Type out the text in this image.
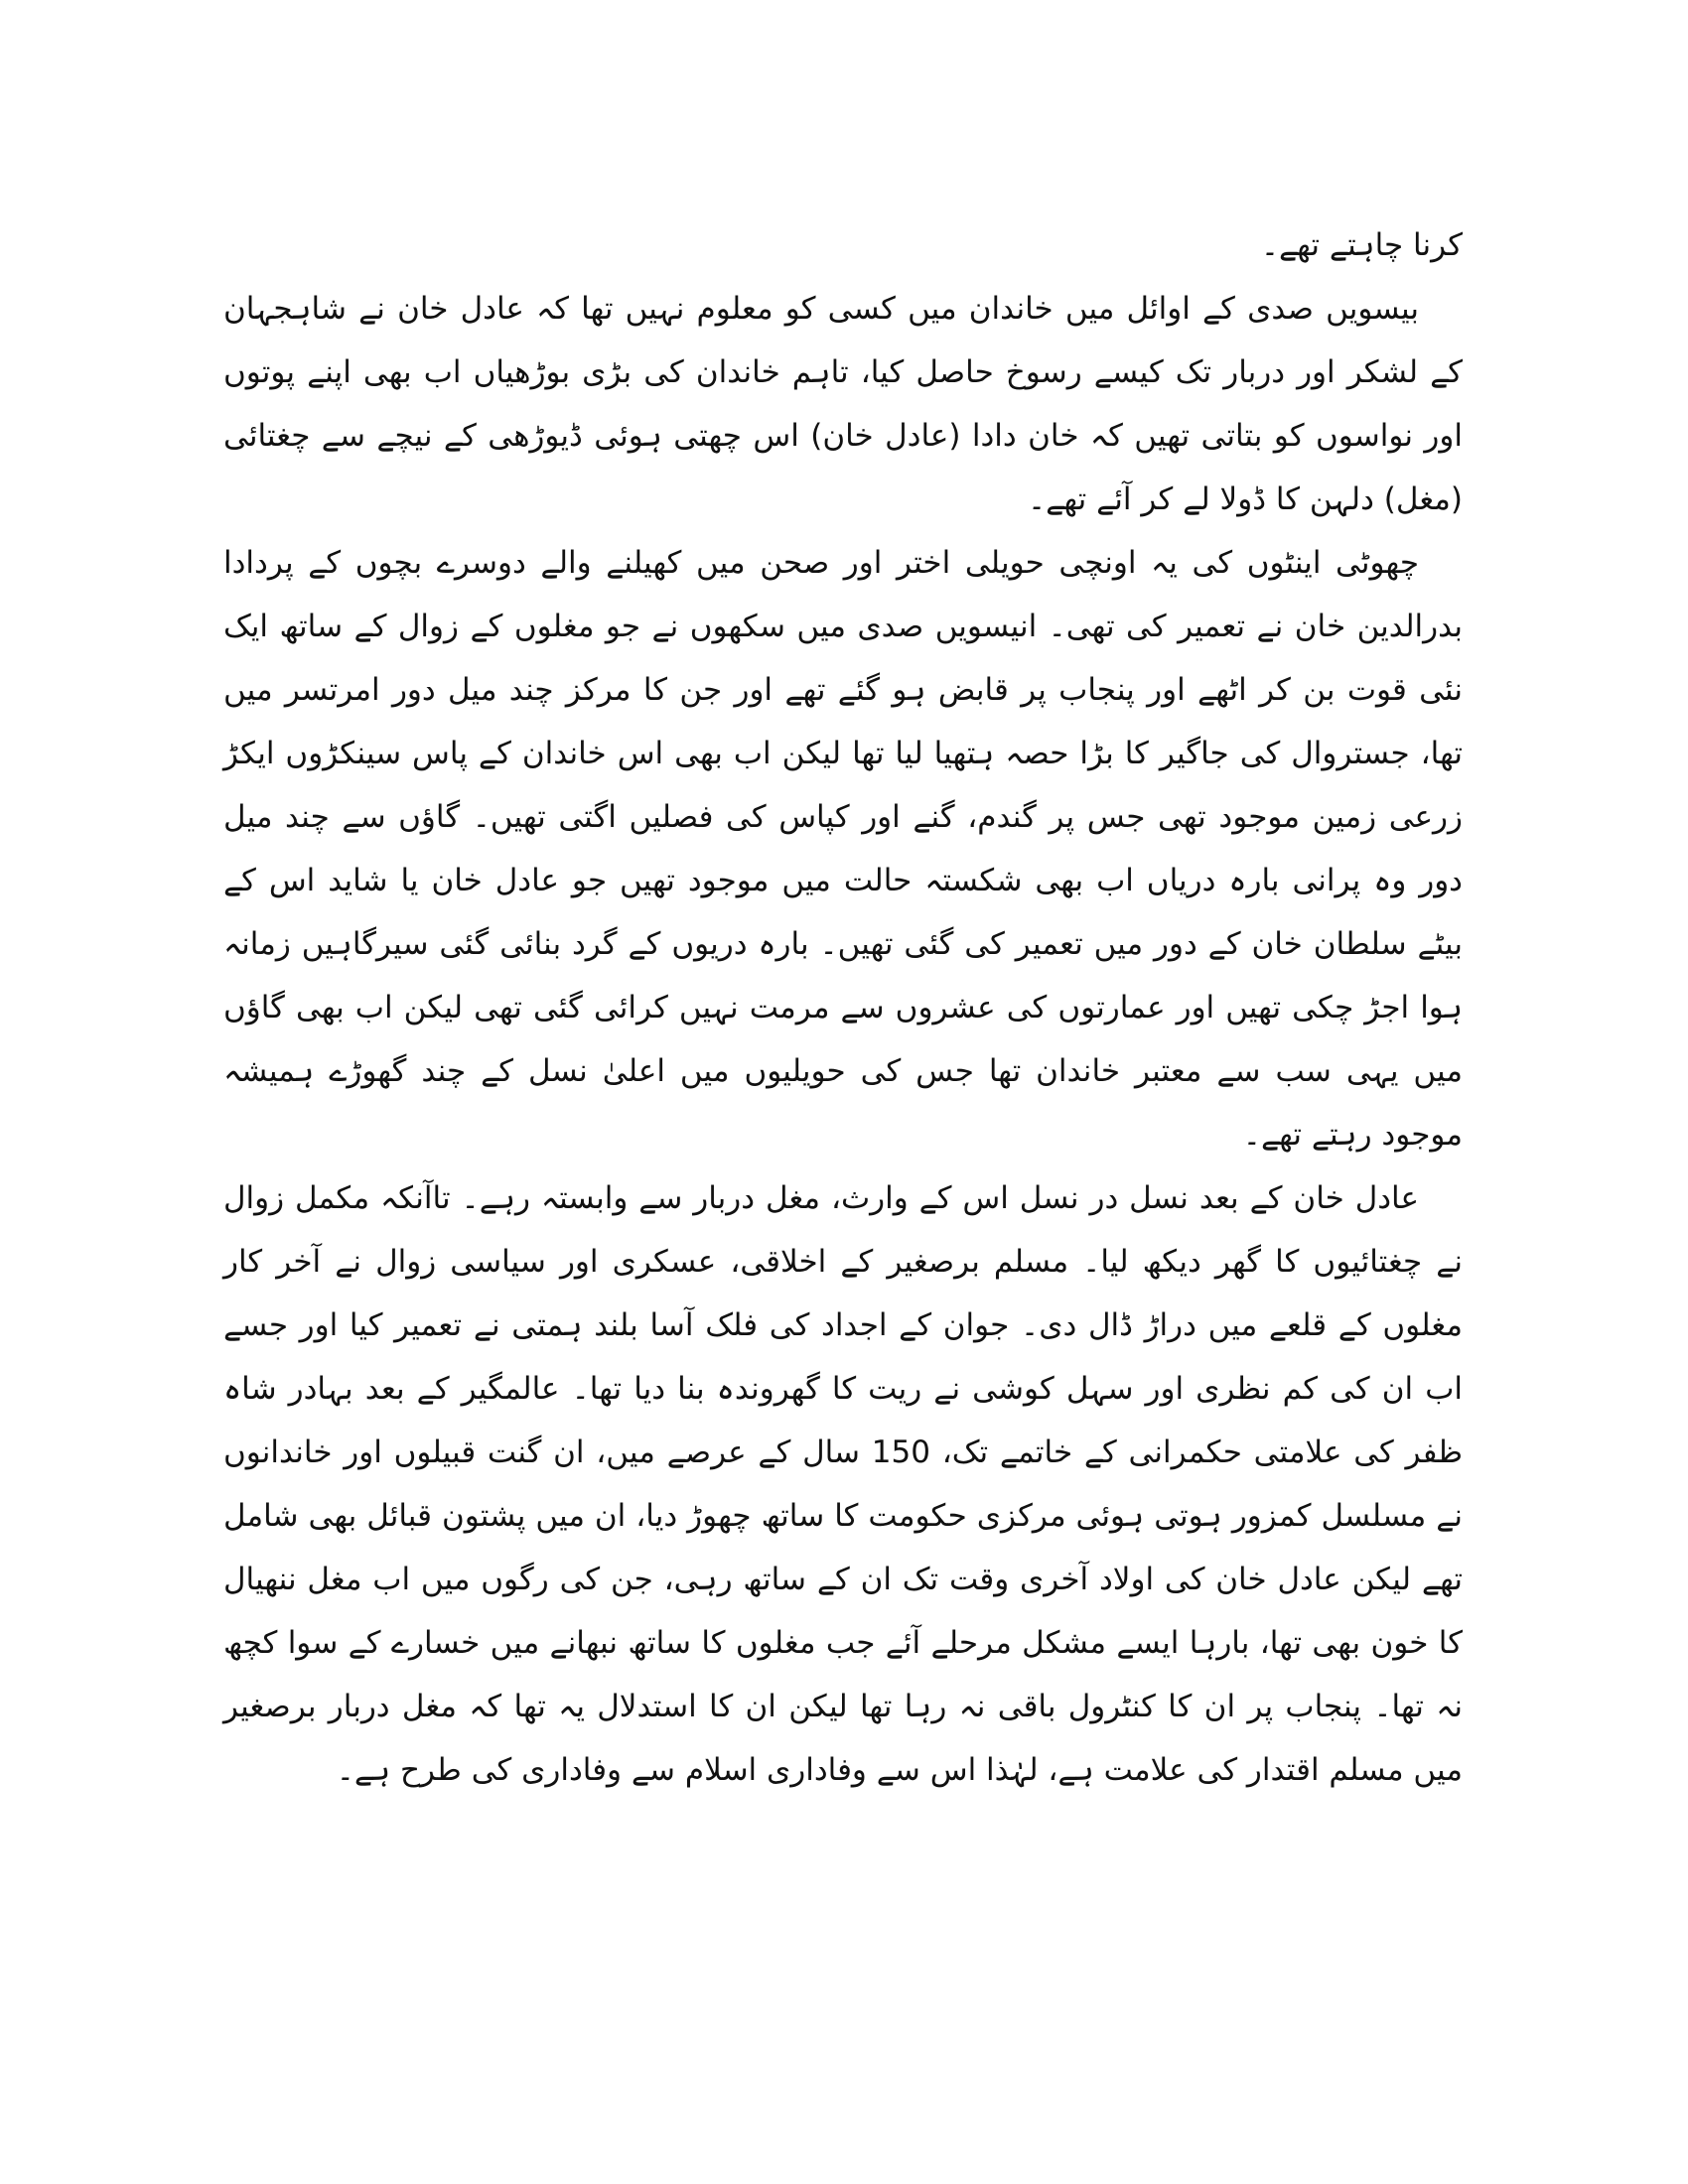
کرنا چاہتے تھے۔

بیسویں صدی کے اوائل میں خاندان میں کسی کو معلوم نہیں تھا کہ عادل خان نے شاہجہان کے لشکر اور دربار تک کیسے رسوخ حاصل کیا، تاہم خاندان کی بڑی بوڑھیاں اب بھی اپنے پوتوں اور نواسوں کو بتاتی تھیں کہ خان دادا (عادل خان) اس چھتی ہوئی ڈیوڑھی کے نیچے سے چغتائی (مغل) دلہن کا ڈولا لے کر آئے تھے۔

چھوٹی اینٹوں کی یہ اونچی حویلی اختر اور صحن میں کھیلنے والے دوسرے بچوں کے پردادا بدرالدین خان نے تعمیر کی تھی۔ انیسویں صدی میں سکھوں نے جو مغلوں کے زوال کے ساتھ ایک نئی قوت بن کر اٹھے اور پنجاب پر قابض ہو گئے تھے اور جن کا مرکز چند میل دور امرتسر میں تھا، جستروال کی جاگیر کا بڑا حصہ ہتھیا لیا تھا لیکن اب بھی اس خاندان کے پاس سینکڑوں ایکڑ زرعی زمین موجود تھی جس پر گندم، گنے اور کپاس کی فصلیں اگتی تھیں۔ گاؤں سے چند میل دور وہ پرانی بارہ دریاں اب بھی شکستہ حالت میں موجود تھیں جو عادل خان یا شاید اس کے بیٹے سلطان خان کے دور میں تعمیر کی گئی تھیں۔ بارہ دریوں کے گرد بنائی گئی سیرگاہیں زمانہ ہوا اجڑ چکی تھیں اور عمارتوں کی عشروں سے مرمت نہیں کرائی گئی تھی لیکن اب بھی گاؤں میں یہی سب سے معتبر خاندان تھا جس کی حویلیوں میں اعلیٰ نسل کے چند گھوڑے ہمیشہ موجود رہتے تھے۔

عادل خان کے بعد نسل در نسل اس کے وارث، مغل دربار سے وابستہ رہے۔ تاآنکہ مکمل زوال نے چغتائیوں کا گھر دیکھ لیا۔ مسلم برصغیر کے اخلاقی، عسکری اور سیاسی زوال نے آخر کار مغلوں کے قلعے میں دراڑ ڈال دی۔ جوان کے اجداد کی فلک آسا بلند ہمتی نے تعمیر کیا اور جسے اب ان کی کم نظری اور سہل کوشی نے ریت کا گھروندہ بنا دیا تھا۔ عالمگیر کے بعد بہادر شاہ ظفر کی علامتی حکمرانی کے خاتمے تک، 150 سال کے عرصے میں، ان گنت قبیلوں اور خاندانوں نے مسلسل کمزور ہوتی ہوئی مرکزی حکومت کا ساتھ چھوڑ دیا، ان میں پشتون قبائل بھی شامل تھے لیکن عادل خان کی اولاد آخری وقت تک ان کے ساتھ رہی، جن کی رگوں میں اب مغل ننھیال کا خون بھی تھا، بارہا ایسے مشکل مرحلے آئے جب مغلوں کا ساتھ نبھانے میں خسارے کے سوا کچھ نہ تھا۔ پنجاب پر ان کا کنٹرول باقی نہ رہا تھا لیکن ان کا استدلال یہ تھا کہ مغل دربار برصغیر میں مسلم اقتدار کی علامت ہے، لہٰذا اس سے وفاداری اسلام سے وفاداری کی طرح ہے۔
